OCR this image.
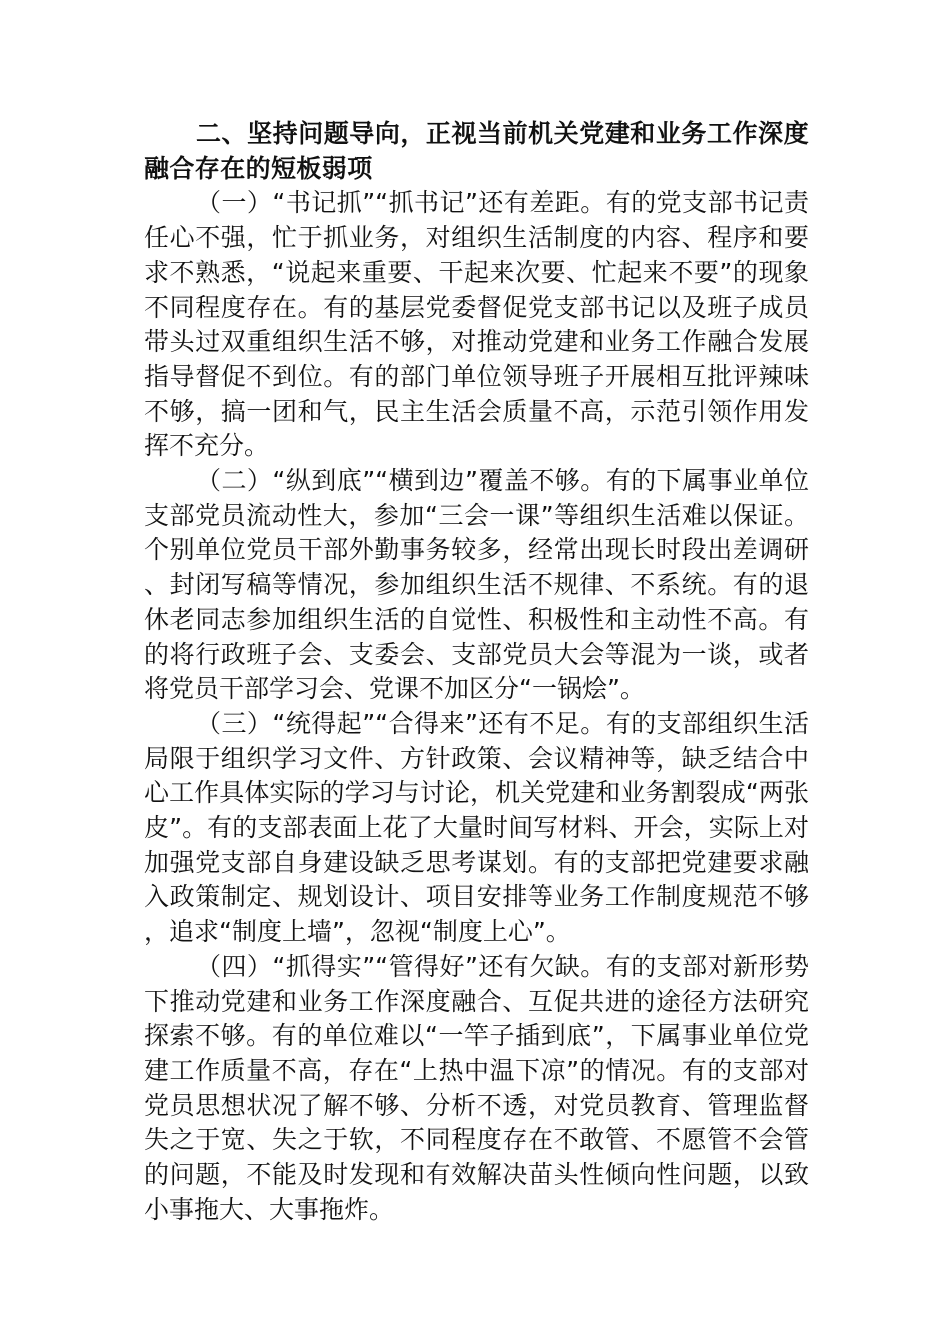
二、坚持问题导向，正视当前机关党建和业务工作深度融合存在的短板弱项

（一）“书记抓”“抓书记”还有差距。有的党支部书记责任心不强，忙于抓业务，对组织生活制度的内容、程序和要求不熟悉，“说起来重要、干起来次要、忙起来不要”的现象不同程度存在。有的基层党委督促党支部书记以及班子成员带头过双重组织生活不够，对推动党建和业务工作融合发展指导督促不到位。有的部门单位领导班子开展相互批评辣味不够，搞一团和气，民主生活会质量不高，示范引领作用发挥不充分。

（二）“纵到底”“横到边”覆盖不够。有的下属事业单位支部党员流动性大，参加“三会一课”等组织生活难以保证。个别单位党员干部外勤事务较多，经常出现长时段出差调研、封闭写稿等情况，参加组织生活不规律、不系统。有的退休老同志参加组织生活的自觉性、积极性和主动性不高。有的将行政班子会、支委会、支部党员大会等混为一谈，或者将党员干部学习会、党课不加区分“一锅烩”。

（三）“统得起”“合得来”还有不足。有的支部组织生活局限于组织学习文件、方针政策、会议精神等，缺乏结合中心工作具体实际的学习与讨论，机关党建和业务割裂成“两张皮”。有的支部表面上花了大量时间写材料、开会，实际上对加强党支部自身建设缺乏思考谋划。有的支部把党建要求融入政策制定、规划设计、项目安排等业务工作制度规范不够，追求“制度上墙”，忽视“制度上心”。

（四）“抓得实”“管得好”还有欠缺。有的支部对新形势下推动党建和业务工作深度融合、互促共进的途径方法研究探索不够。有的单位难以“一竿子插到底”，下属事业单位党建工作质量不高，存在“上热中温下凉”的情况。有的支部对党员思想状况了解不够、分析不透，对党员教育、管理监督失之于宽、失之于软，不同程度存在不敢管、不愿管不会管的问题，不能及时发现和有效解决苗头性倾向性问题，以致小事拖大、大事拖炸。
